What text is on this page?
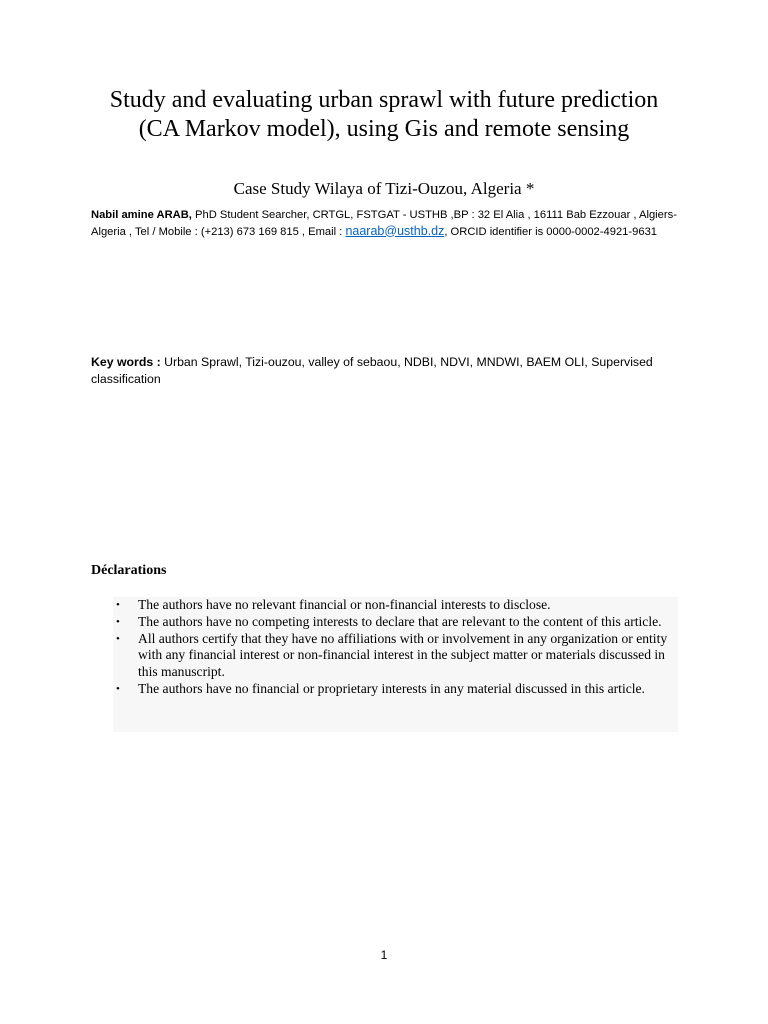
Study and evaluating urban sprawl with future prediction (CA Markov model), using Gis and remote sensing

Case Study Wilaya of Tizi-Ouzou, Algeria *

Nabil amine ARAB, PhD Student Searcher, CRTGL, FSTGAT - USTHB ,BP : 32 El Alia , 16111 Bab Ezzouar , Algiers-Algeria , Tel / Mobile : (+213) 673 169 815 , Email : naarab@usthb.dz, ORCID identifier is 0000-0002-4921-9631

Key words : Urban Sprawl, Tizi-ouzou, valley of sebaou, NDBI, NDVI, MNDWI, BAEM OLI, Supervised classification

Déclarations
• The authors have no relevant financial or non-financial interests to disclose.
• The authors have no competing interests to declare that are relevant to the content of this article.
• All authors certify that they have no affiliations with or involvement in any organization or entity with any financial interest or non-financial interest in the subject matter or materials discussed in this manuscript.
• The authors have no financial or proprietary interests in any material discussed in this article.

1
